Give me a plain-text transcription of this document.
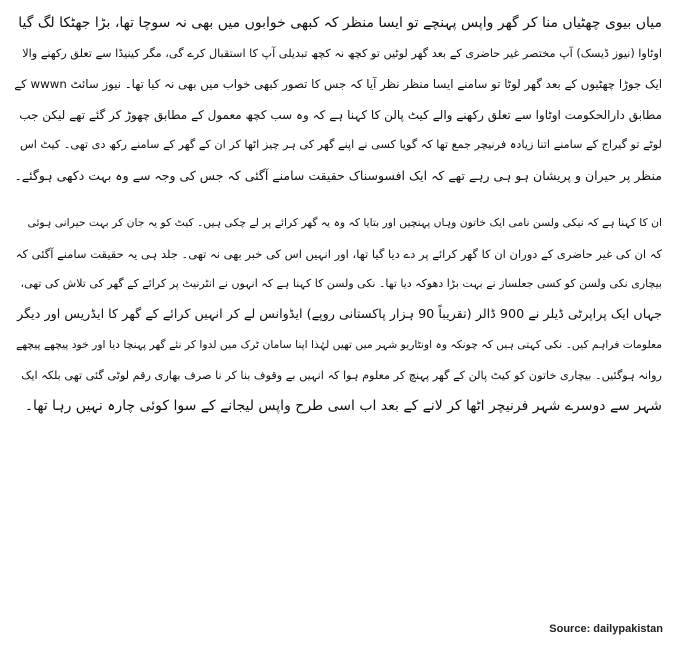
میاں بیوی چھٹیاں منا کر گھر واپس پہنچے تو ایسا منظر کہ کبھی خوابوں میں بھی نہ سوچا تھا، بڑا جھٹکا لگ گیا
اوٹاوا (نیوز ڈیسک) آپ مختصر غیر حاضری کے بعد گھر لوٹیں تو کچھ نہ کچھ تبدیلی آپ کا استقبال کرے گی، مگر کینیڈا سے تعلق رکھنے والا
ایک جوڑا چھٹیوں کے بعد گھر لوٹا تو سامنے ایسا منظر نظر آیا کہ جس کا تصور کبھی خواب میں بھی نہ کیا تھا۔ نیوز سائٹ wwwn کے
مطابق دارالحکومت اوٹاوا سے تعلق رکھنے والے کیٹ پالن کا کہنا ہے کہ وہ سب کچھ معمول کے مطابق چھوڑ کر گئے تھے لیکن جب
لوٹے تو گیراج کے سامنے اتنا زیادہ فرنیچر جمع تھا کہ گویا کسی نے اپنے گھر کی ہر چیز اٹھا کر ان کے گھر کے سامنے رکھ دی تھی۔ کیٹ اس
منظر پر حیران و پریشان ہو ہی رہے تھے کہ ایک افسوسناک حقیقت سامنے آگئی کہ جس کی وجہ سے وہ بہت دکھی ہوگئے۔

ان کا کہنا ہے کہ نیکی ولسن نامی ایک خاتون وہاں پہنچیں اور بتایا کہ وہ یہ گھر کرائے پر لے چکی ہیں۔ کیٹ کو یہ جان کر بہت حیرانی ہوئی
کہ ان کی غیر حاضری کے دوران ان کا گھر کرائے پر دے دیا گیا تھا، اور انہیں اس کی خبر بھی نہ تھی۔ جلد ہی یہ حقیقت سامنے آگئی کہ
بیچاری نکی ولسن کو کسی جعلساز نے بہت بڑا دھوکہ دیا تھا۔ نکی ولسن کا کہنا ہے کہ انہوں نے انٹرنیٹ پر کرائے کے گھر کی تلاش کی تھی،
جہاں ایک پراپرٹی ڈیلر نے 900 ڈالر (تقریباً 90 ہزار پاکستانی روپے) ایڈوانس لے کر انہیں کرائے کے گھر کا ایڈریس اور دیگر
معلومات فراہم کیں۔ نکی کہتی ہیں کہ چونکہ وہ اونٹاریو شہر میں تھیں لہٰذا اپنا سامان ٹرک میں لدوا کر نئے گھر پہنچا دیا اور خود پیچھے پیچھے
روانہ ہوگئیں۔ بیچاری خاتون کو کیٹ پالن کے گھر پہنچ کر معلوم ہوا کہ انہیں بے وقوف بنا کر نا صرف بھاری رقم لوٹی گئی تھی بلکہ ایک
شہر سے دوسرے شہر فرنیچر اٹھا کر لانے کے بعد اب اسی طرح واپس لیجانے کے سوا کوئی چارہ نہیں رہا تھا۔

Source: dailypakistan
